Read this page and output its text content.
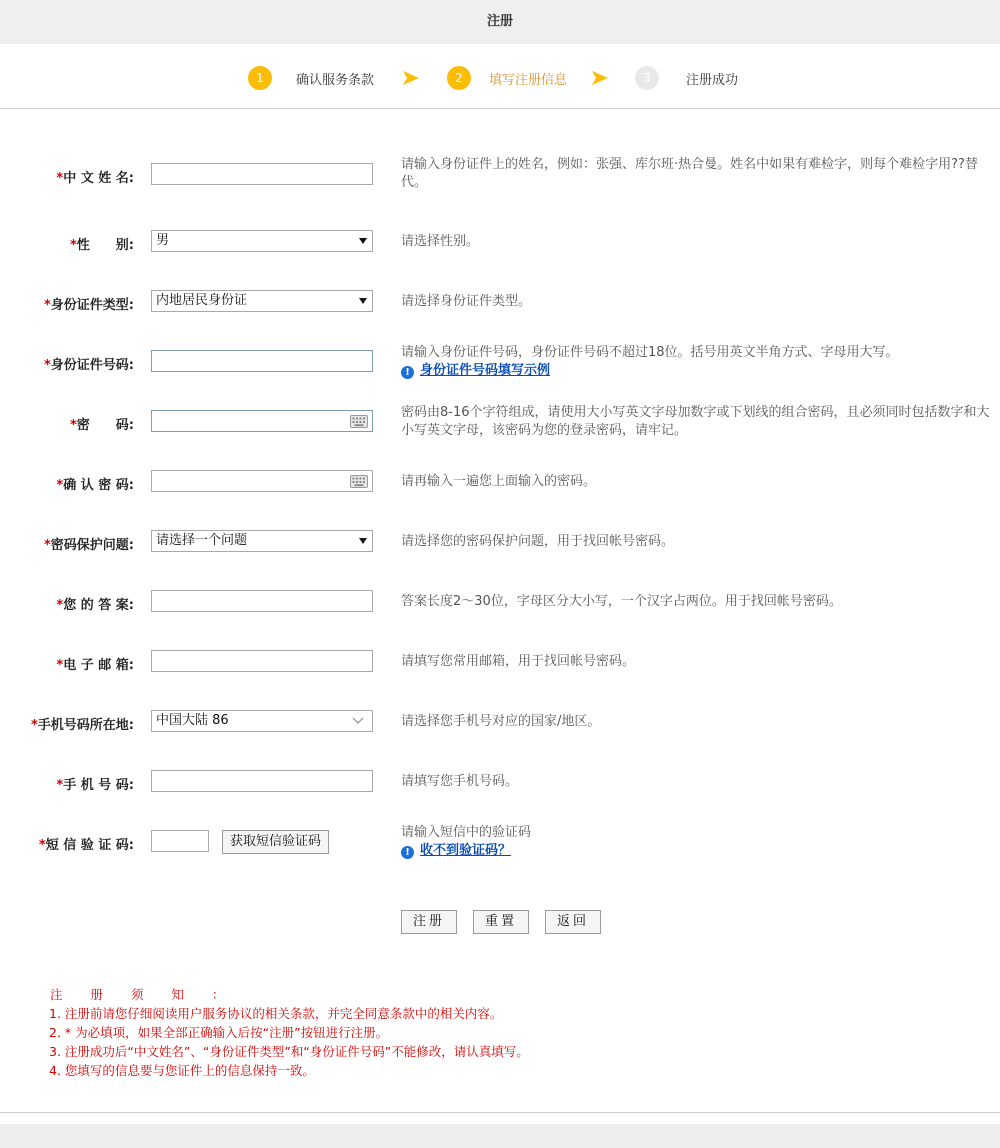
注册
1	确认服务条款	2	填写注册信息	3	注册成功
*中 文 姓 名:
请输入身份证件上的姓名，例如：张强、库尔班·热合曼。姓名中如果有难检字，则每个难检字用??替代。
*性　　别:	男	请选择性别。
*身份证件类型:	内地居民身份证	请选择身份证件类型。
*身份证件号码:
请输入身份证件号码，身份证件号码不超过18位。括号用英文半角方式、字母用大写。
! 身份证件号码填写示例
*密　　码:
密码由8-16个字符组成，请使用大小写英文字母加数字或下划线的组合密码，且必须同时包括数字和大小写英文字母，该密码为您的登录密码，请牢记。
*确 认 密 码:	请再输入一遍您上面输入的密码。
*密码保护问题:	请选择一个问题	请选择您的密码保护问题，用于找回帐号密码。
*您 的 答 案:	答案长度2～30位，字母区分大小写，一个汉字占两位。用于找回帐号密码。
*电 子 邮 箱:	请填写您常用邮箱，用于找回帐号密码。
*手机号码所在地:	中国大陆 86	请选择您手机号对应的国家/地区。
*手 机 号 码:	请填写您手机号码。
*短 信 验 证 码:	获取短信验证码
请输入短信中的验证码
! 收不到验证码？
注册	重置	返回
注 册 须 知 ：
1. 注册前请您仔细阅读用户服务协议的相关条款，并完全同意条款中的相关内容。
2. * 为必填项，如果全部正确输入后按“注册”按钮进行注册。
3. 注册成功后“中文姓名”、“身份证件类型”和“身份证件号码”不能修改，请认真填写。
4. 您填写的信息要与您证件上的信息保持一致。
